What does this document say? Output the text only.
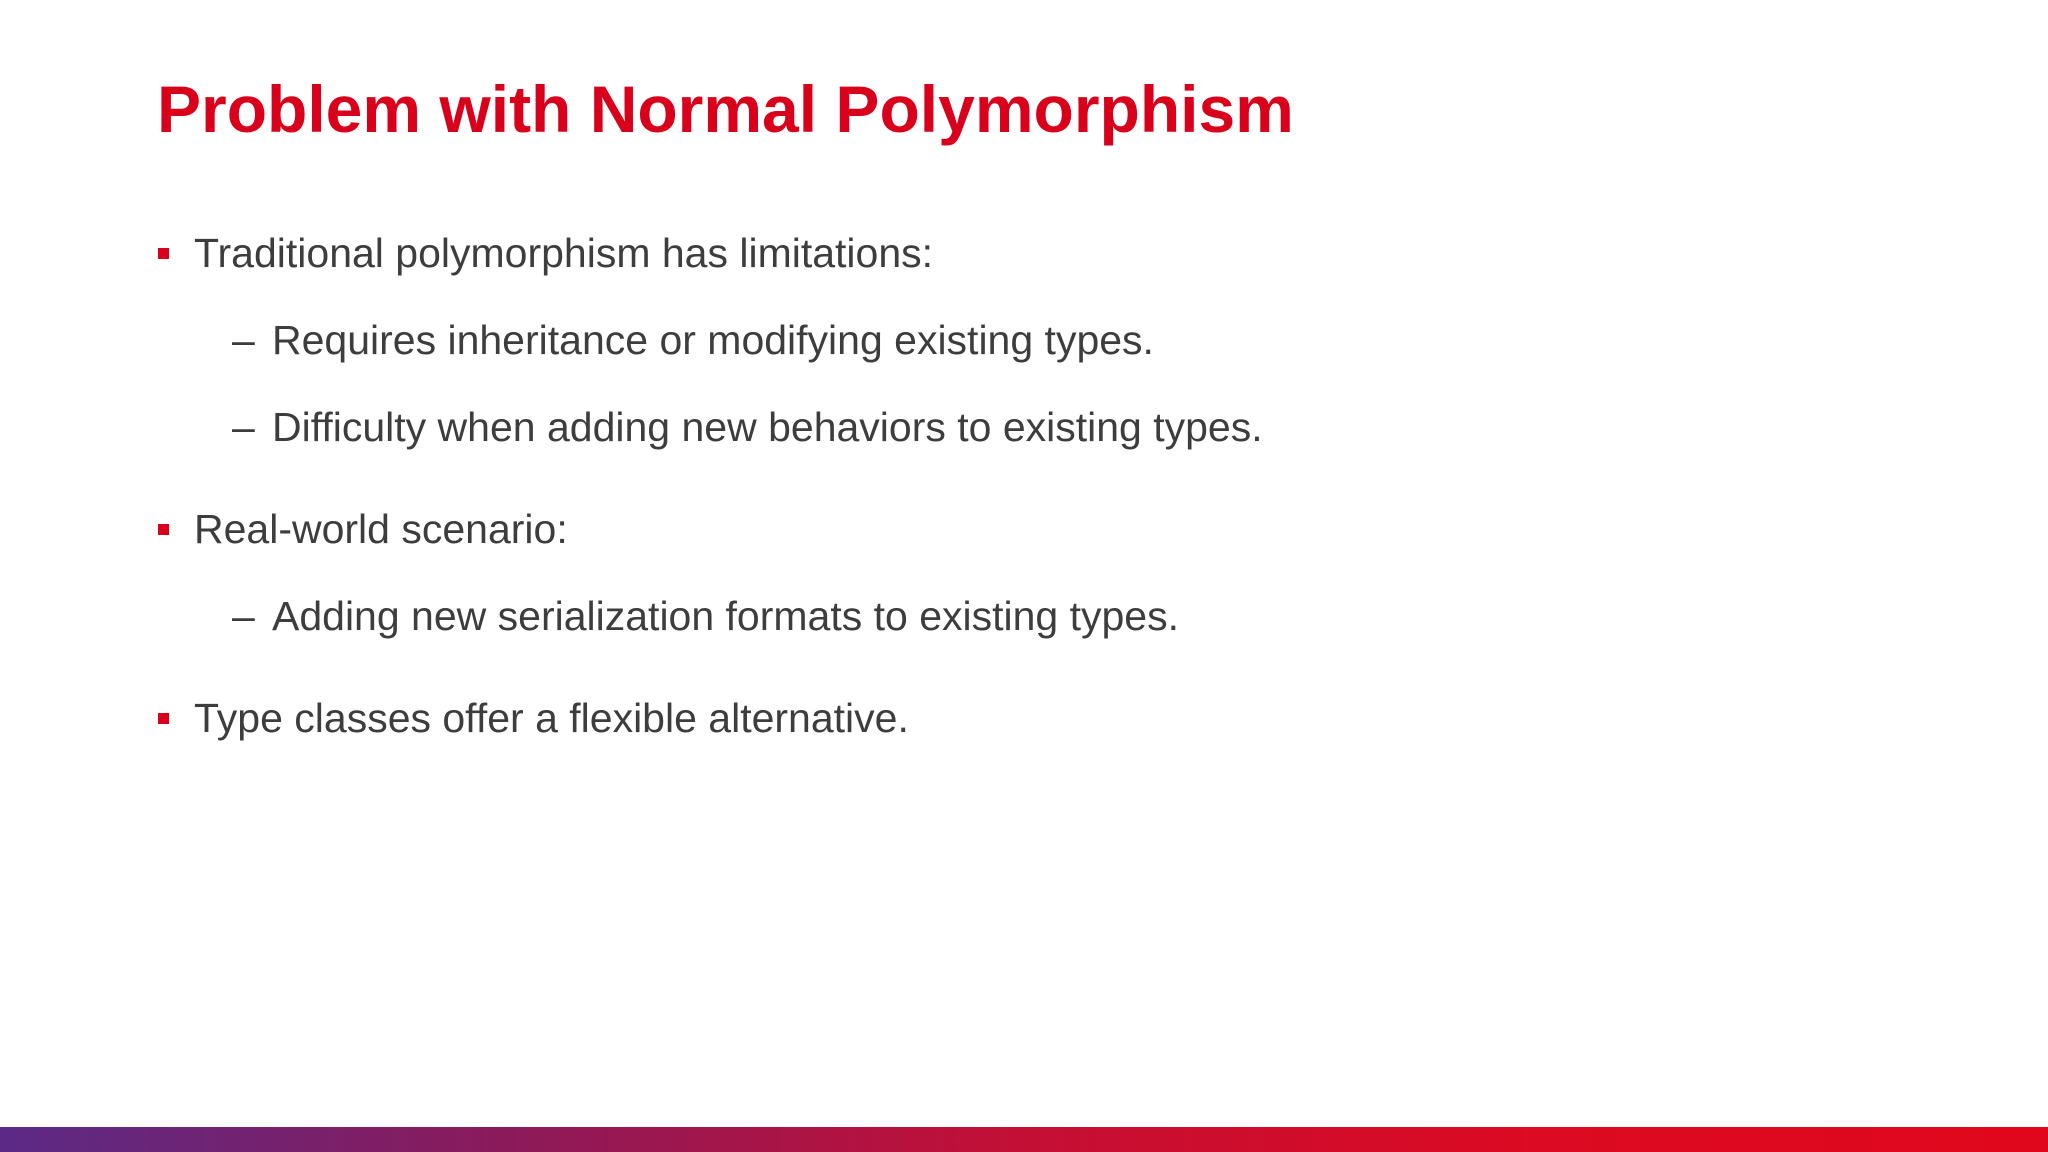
Problem with Normal Polymorphism
Traditional polymorphism has limitations:
– Requires inheritance or modifying existing types.
– Difficulty when adding new behaviors to existing types.
Real-world scenario:
– Adding new serialization formats to existing types.
Type classes offer a flexible alternative.
